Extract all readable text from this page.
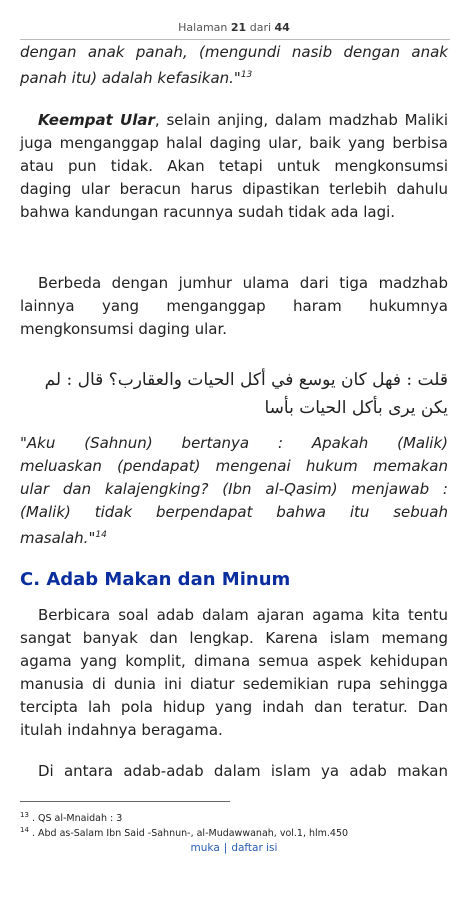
Halaman 21 dari 44
dengan anak panah, (mengundi nasib dengan anak
panah itu) adalah kefasikan."$^{13}$
Keempat Ular, selain anjing, dalam madzhab Maliki
juga menganggap halal daging ular, baik yang berbisa
atau pun tidak. Akan tetapi untuk mengkonsumsi
daging ular beracun harus dipastikan terlebih dahulu
bahwa kandungan racunnya sudah tidak ada lagi.
Berbeda dengan jumhur ulama dari tiga madzhab
lainnya yang menganggap haram hukumnya
mengkonsumsi daging ular.
قلت : فهل كان يوسع في أكل الحيات والعقارب؟ قال : لم
يكن يرى بأكل الحيات بأسا
"Aku (Sahnun) bertanya : Apakah (Malik)
meluaskan (pendapat) mengenai hukum memakan
ular dan kalajengking? (Ibn al-Qasim) menjawab :
(Malik) tidak berpendapat bahwa itu sebuah
masalah."$^{14}$
C. Adab Makan dan Minum
Berbicara soal adab dalam ajaran agama kita tentu
sangat banyak dan lengkap. Karena islam memang
agama yang komplit, dimana semua aspek kehidupan
manusia di dunia ini diatur sedemikian rupa sehingga
tercipta lah pola hidup yang indah dan teratur. Dan
itulah indahnya beragama.
Di antara adab-adab dalam islam ya adab makan
$^{13}$ . QS al-Mnaidah : 3
$^{14}$ . Abd as-Salam Ibn Said -Sahnun-, al-Mudawwanah, vol.1, hlm.450
muka | daftar isi
